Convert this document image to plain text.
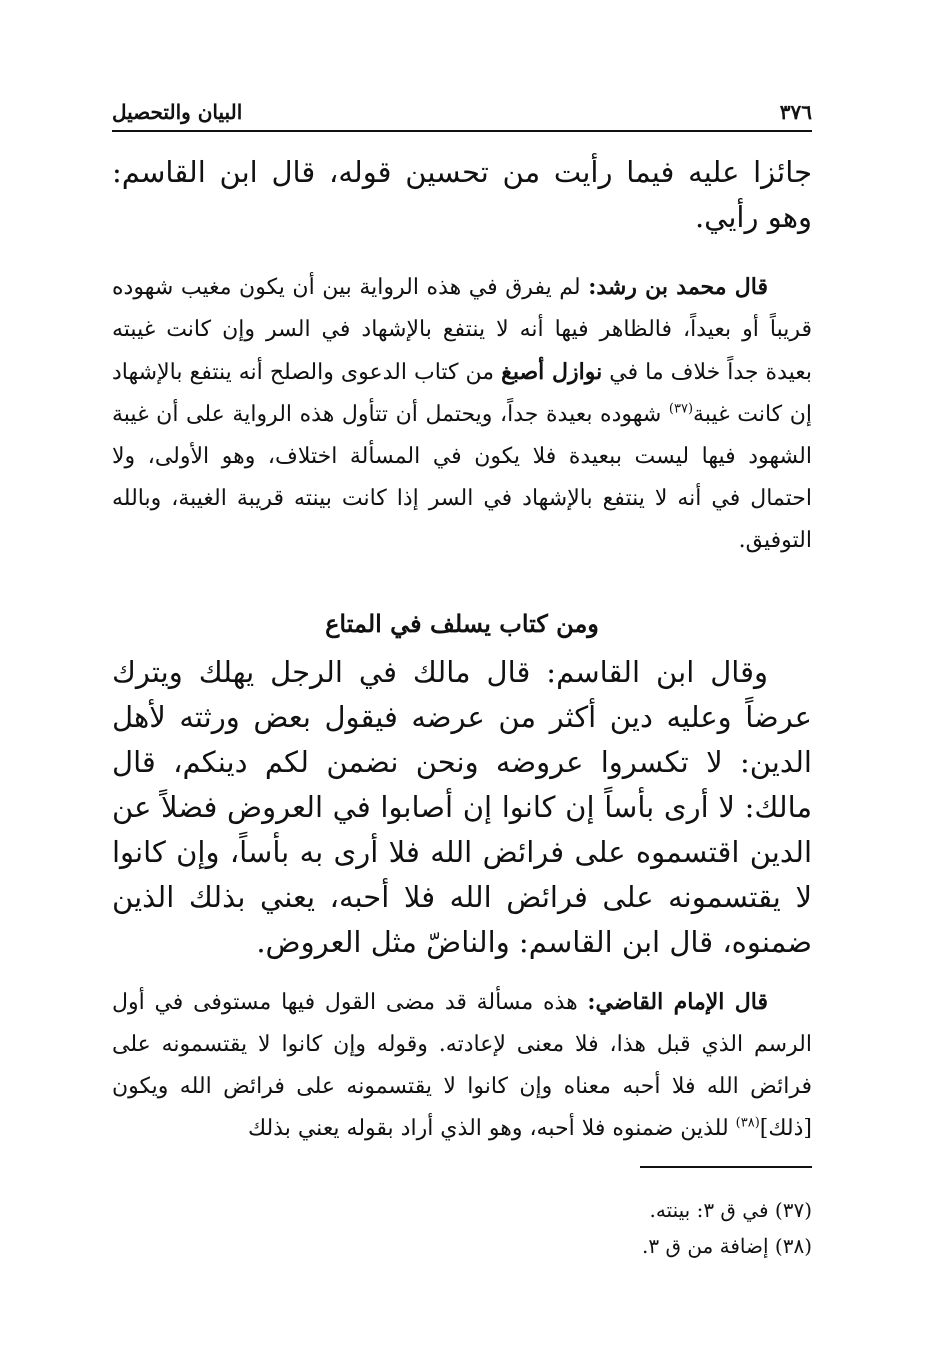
٣٧٦
البيان والتحصيل

جائزا عليه فيما رأيت من تحسين قوله، قال ابن القاسم: وهو رأيي.

قال محمد بن رشد: لم يفرق في هذه الرواية بين أن يكون مغيب شهوده قريباً أو بعيداً، فالظاهر فيها أنه لا ينتفع بالإشهاد في السر وإن كانت غيبته بعيدة جداً خلاف ما في نوازل أصبغ من كتاب الدعوى والصلح أنه ينتفع بالإشهاد إن كانت غيبة$^{(٣٧)}$ شهوده بعيدة جداً، ويحتمل أن تتأول هذه الرواية على أن غيبة الشهود فيها ليست ببعيدة فلا يكون في المسألة اختلاف، وهو الأولى، ولا احتمال في أنه لا ينتفع بالإشهاد في السر إذا كانت بينته قريبة الغيبة، وبالله التوفيق.

ومن كتاب يسلف في المتاع

وقال ابن القاسم: قال مالك في الرجل يهلك ويترك عرضاً وعليه دين أكثر من عرضه فيقول بعض ورثته لأهل الدين: لا تكسروا عروضه ونحن نضمن لكم دينكم، قال مالك: لا أرى بأساً إن كانوا إن أصابوا في العروض فضلاً عن الدين اقتسموه على فرائض الله فلا أرى به بأساً، وإن كانوا لا يقتسمونه على فرائض الله فلا أحبه، يعني بذلك الذين ضمنوه، قال ابن القاسم: والناضّ مثل العروض.

قال الإمام القاضي: هذه مسألة قد مضى القول فيها مستوفى في أول الرسم الذي قبل هذا، فلا معنى لإعادته. وقوله وإن كانوا لا يقتسمونه على فرائض الله فلا أحبه معناه وإن كانوا لا يقتسمونه على فرائض الله ويكون [ذلك]$^{(٣٨)}$ للذين ضمنوه فلا أحبه، وهو الذي أراد بقوله يعني بذلك

(٣٧) في ق ٣: بينته.
(٣٨) إضافة من ق ٣.
